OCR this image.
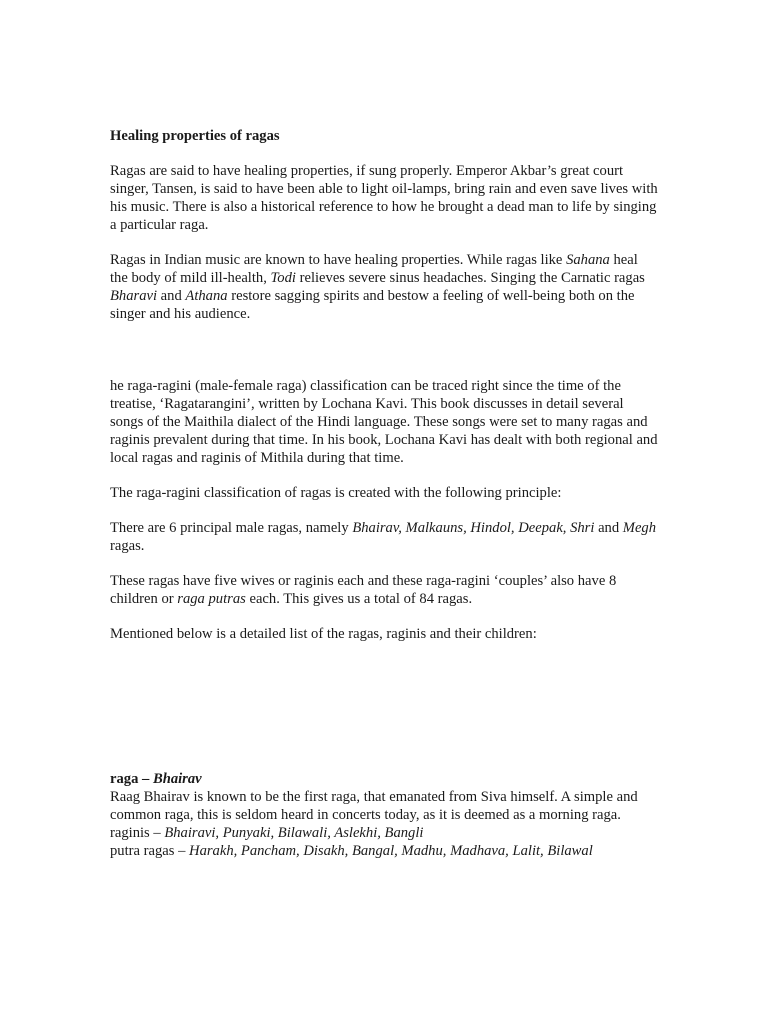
Healing properties of ragas

Ragas are said to have healing properties, if sung properly. Emperor Akbar’s great court singer, Tansen, is said to have been able to light oil-lamps, bring rain and even save lives with his music. There is also a historical reference to how he brought a dead man to life by singing a particular raga.

Ragas in Indian music are known to have healing properties. While ragas like Sahana heal the body of mild ill-health, Todi relieves severe sinus headaches. Singing the Carnatic ragas Bharavi and Athana restore sagging spirits and bestow a feeling of well-being both on the singer and his audience.

he raga-ragini (male-female raga) classification can be traced right since the time of the treatise, ‘Ragatarangini’, written by Lochana Kavi. This book discusses in detail several songs of the Maithila dialect of the Hindi language. These songs were set to many ragas and raginis prevalent during that time. In his book, Lochana Kavi has dealt with both regional and local ragas and raginis of Mithila during that time.

The raga-ragini classification of ragas is created with the following principle:

There are 6 principal male ragas, namely Bhairav, Malkauns, Hindol, Deepak, Shri and Megh ragas.

These ragas have five wives or raginis each and these raga-ragini ‘couples’ also have 8 children or raga putras each. This gives us a total of 84 ragas.

Mentioned below is a detailed list of the ragas, raginis and their children:

raga – Bhairav

Raag Bhairav is known to be the first raga, that emanated from Siva himself. A simple and common raga, this is seldom heard in concerts today, as it is deemed as a morning raga.

raginis – Bhairavi, Punyaki, Bilawali, Aslekhi, Bangli

putra ragas – Harakh, Pancham, Disakh, Bangal, Madhu, Madhava, Lalit, Bilawal
